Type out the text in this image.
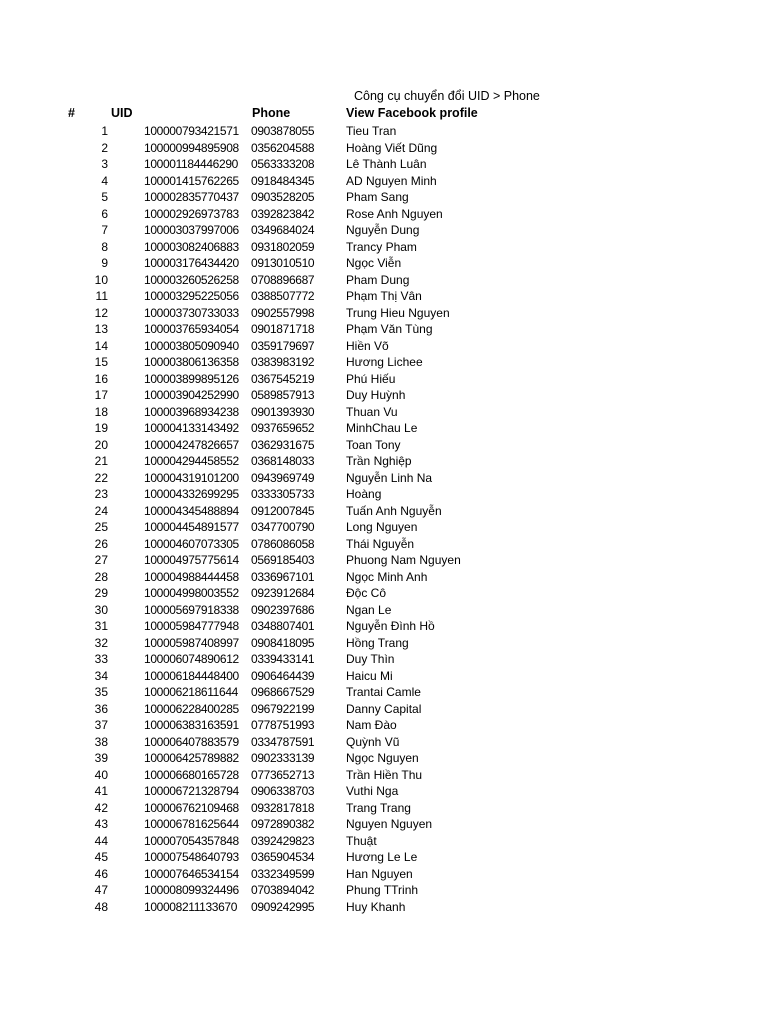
Công cụ chuyển đổi UID > Phone
#	UID	Phone	View Facebook profile
1	100000793421571 0903878055	Tieu Tran
2	100000994895908 0356204588	Hoàng Viết Dũng
3	100001184446290 0563333208	Lê Thành Luân
4	100001415762265 0918484345	AD Nguyen Minh
5	100002835770437 0903528205	Pham Sang
6	100002926973783 0392823842	Rose Anh Nguyen
7	100003037997006 0349684024	Nguyễn Dung
8	100003082406883 0931802059	Trancy Pham
9	100003176434420 0913010510	Ngọc Viễn
10	100003260526258 0708896687	Pham Dung
11	100003295225056 0388507772	Phạm Thị Vân
12	100003730733033 0902557998	Trung Hieu Nguyen
13	100003765934054 0901871718	Phạm Văn Tùng
14	100003805090940 0359179697	Hiền Võ
15	100003806136358 0383983192	Hương Lichee
16	100003899895126 0367545219	Phú Hiếu
17	100003904252990 0589857913	Duy Huỳnh
18	100003968934238 0901393930	Thuan Vu
19	100004133143492 0937659652	MinhChau Le
20	100004247826657 0362931675	Toan Tony
21	100004294458552 0368148033	Trần Nghiệp
22	100004319101200 0943969749	Nguyễn Linh Na
23	100004332699295 0333305733	Hoàng
24	100004345488894 0912007845	Tuấn Anh Nguyễn
25	100004454891577 0347700790	Long Nguyen
26	100004607073305 0786086058	Thái Nguyễn
27	100004975775614 0569185403	Phuong Nam Nguyen
28	100004988444458 0336967101	Ngọc Minh Anh
29	100004998003552 0923912684	Độc Cô
30	100005697918338 0902397686	Ngan Le
31	100005984777948 0348807401	Nguyễn Đình Hồ
32	100005987408997 0908418095	Hồng Trang
33	100006074890612 0339433141	Duy Thìn
34	100006184448400 0906464439	Haicu Mi
35	100006218611644 0968667529	Trantai Camle
36	100006228400285 0967922199	Danny Capital
37	100006383163591 0778751993	Nam Đào
38	100006407883579 0334787591	Quỳnh Vũ
39	100006425789882 0902333139	Ngọc Nguyen
40	100006680165728 0773652713	Trần Hiền Thu
41	100006721328794 0906338703	Vuthi Nga
42	100006762109468 0932817818	Trang Trang
43	100006781625644 0972890382	Nguyen Nguyen
44	100007054357848 0392429823	Thuật
45	100007548640793 0365904534	Hương Le Le
46	100007646534154 0332349599	Han Nguyen
47	100008099324496 0703894042	Phung TTrinh
48	100008211133670 0909242995	Huy Khanh
